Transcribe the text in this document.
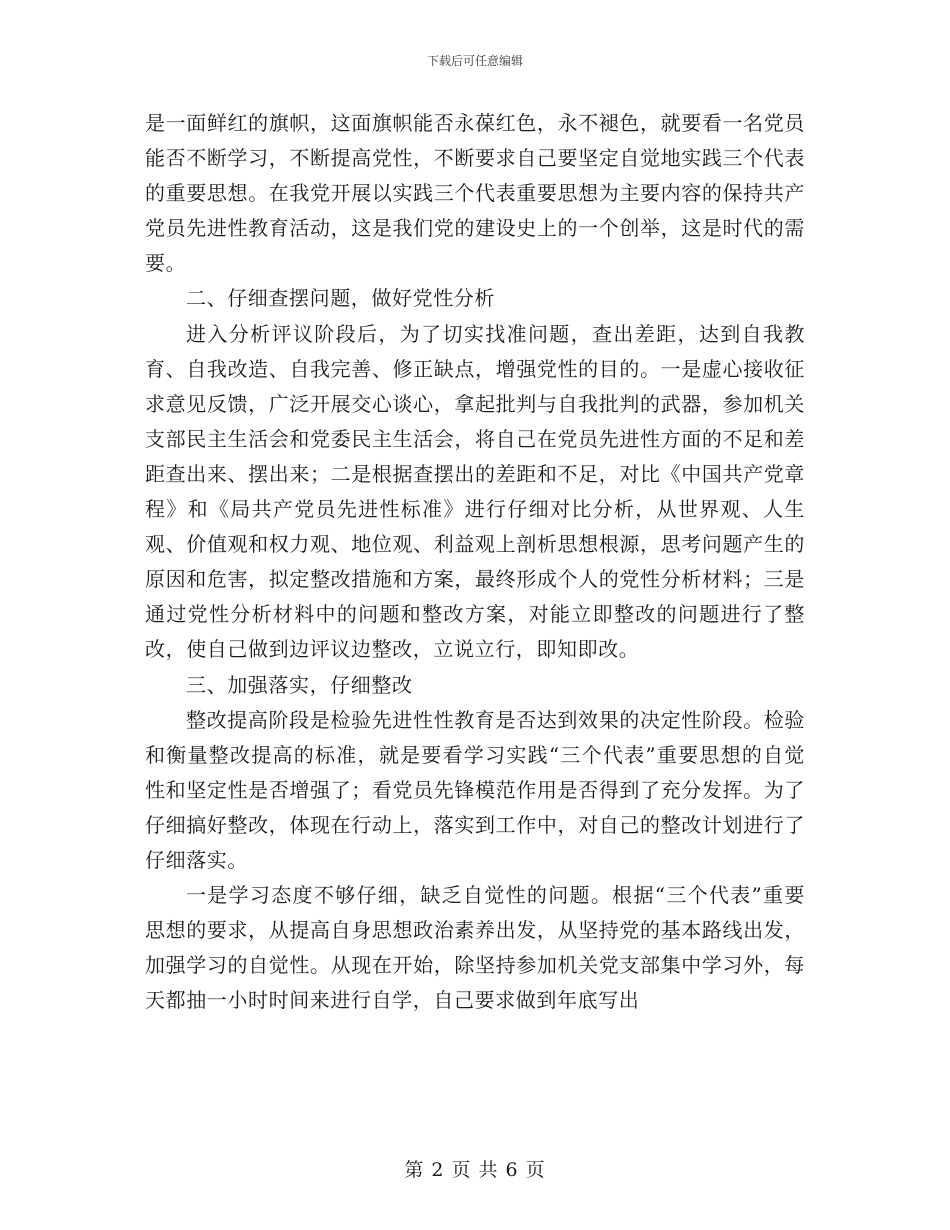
下载后可任意编辑

是一面鲜红的旗帜，这面旗帜能否永葆红色，永不褪色，就要看一名党员能否不断学习，不断提高党性，不断要求自己要坚定自觉地实践三个代表的重要思想。在我党开展以实践三个代表重要思想为主要内容的保持共产党员先进性教育活动，这是我们党的建设史上的一个创举，这是时代的需要。

二、仔细查摆问题，做好党性分析

进入分析评议阶段后，为了切实找准问题，查出差距，达到自我教育、自我改造、自我完善、修正缺点，增强党性的目的。一是虚心接收征求意见反馈，广泛开展交心谈心，拿起批判与自我批判的武器，参加机关支部民主生活会和党委民主生活会，将自己在党员先进性方面的不足和差距查出来、摆出来；二是根据查摆出的差距和不足，对比《中国共产党章程》和《局共产党员先进性标准》进行仔细对比分析，从世界观、人生观、价值观和权力观、地位观、利益观上剖析思想根源，思考问题产生的原因和危害，拟定整改措施和方案，最终形成个人的党性分析材料；三是通过党性分析材料中的问题和整改方案，对能立即整改的问题进行了整改，使自己做到边评议边整改，立说立行，即知即改。

三、加强落实，仔细整改

整改提高阶段是检验先进性性教育是否达到效果的决定性阶段。检验和衡量整改提高的标准，就是要看学习实践“三个代表”重要思想的自觉性和坚定性是否增强了；看党员先锋模范作用是否得到了充分发挥。为了仔细搞好整改，体现在行动上，落实到工作中，对自己的整改计划进行了仔细落实。

一是学习态度不够仔细，缺乏自觉性的问题。根据“三个代表”重要思想的要求，从提高自身思想政治素养出发，从坚持党的基本路线出发，加强学习的自觉性。从现在开始，除坚持参加机关党支部集中学习外，每天都抽一小时时间来进行自学，自己要求做到年底写出

第 2 页 共 6 页
